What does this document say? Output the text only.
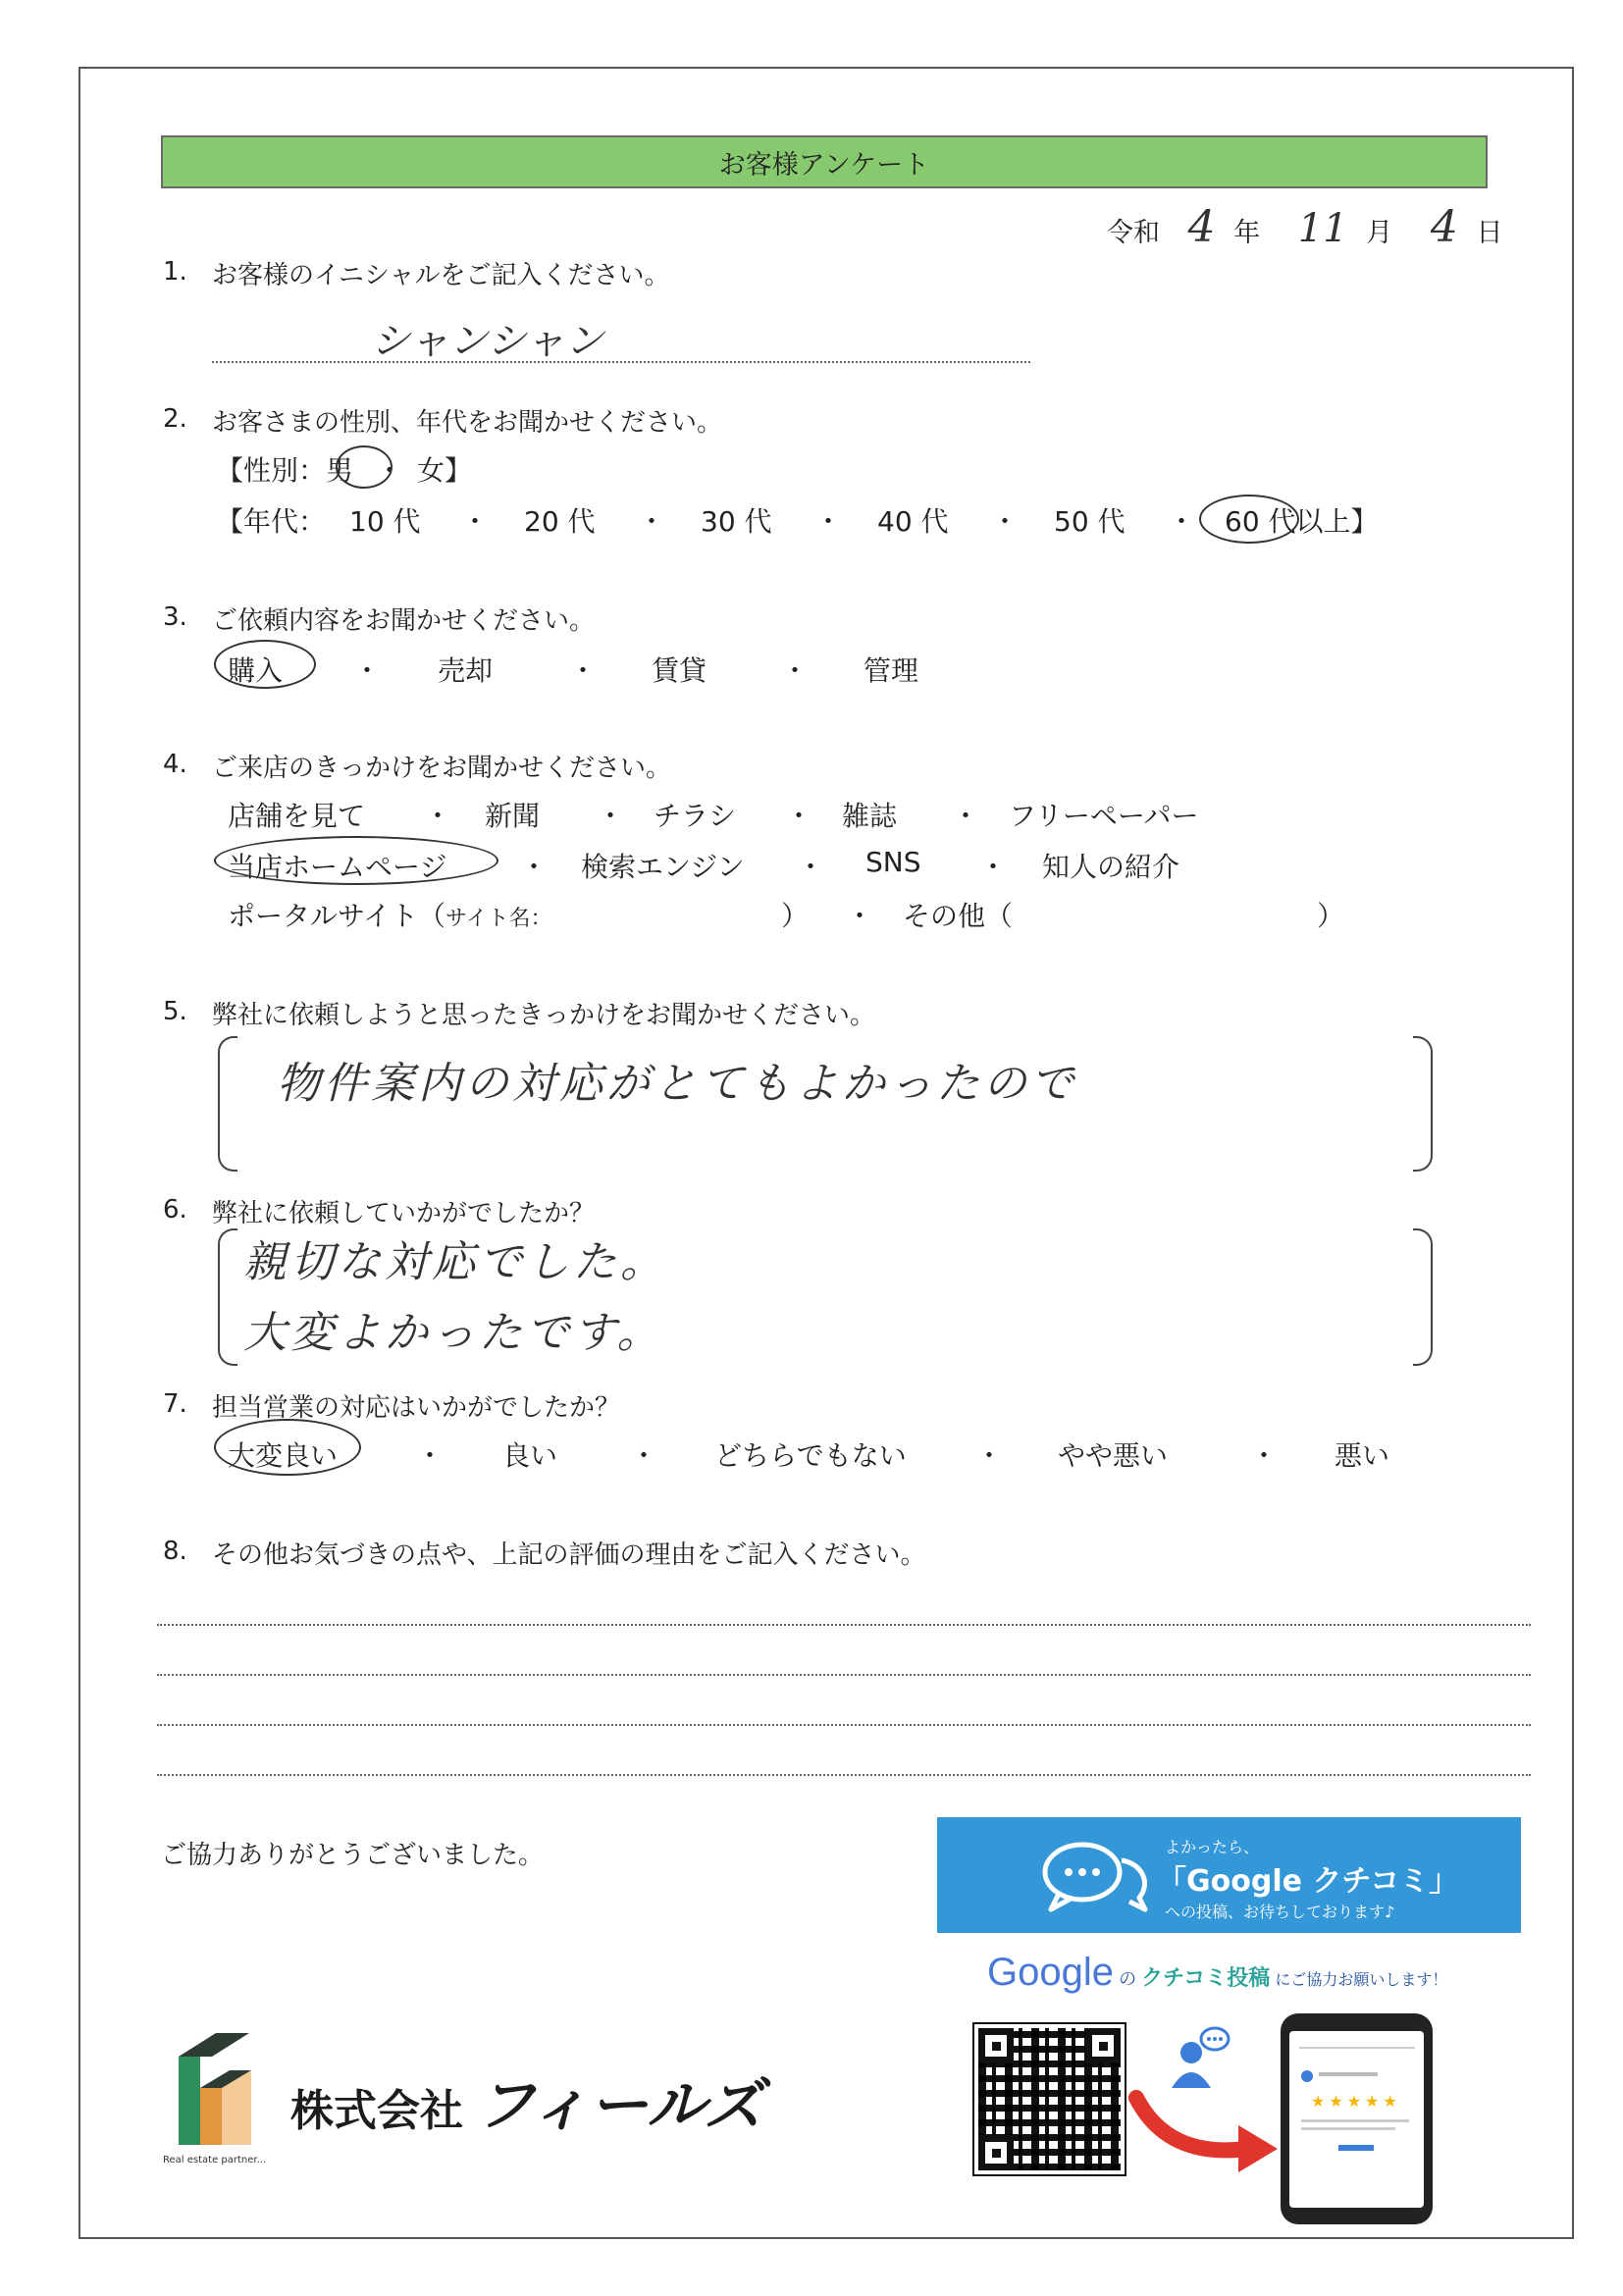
お客様アンケート
令和 4 年 11 月 4 日
1. お客様のイニシャルをご記入ください。
シャンシャン
2. お客さまの性別、年代をお聞かせください。
【性別：男 ・ 女】
【年代： 10 代 ・ 20 代 ・ 30 代 ・ 40 代 ・ 50 代 ・ 60 代以上】
3. ご依頼内容をお聞かせください。
購入	・ 売却	・ 賃貸	・ 管理
4. ご来店のきっかけをお聞かせください。
店舗を見て ・ 新聞 ・ チラシ ・ 雑誌 ・ フリーペーパー
当店ホームページ	・ 検索エンジン ・ SNS ・ 知人の紹介
ポータルサイト（サイト名：	） ・ その他（	）
5. 弊社に依頼しようと思ったきっかけをお聞かせください。
物件案内の対応がとてもよかったので
6. 弊社に依頼していかがでしたか？
親切な対応でした。
大変よかったです。
7. 担当営業の対応はいかがでしたか？
大変良い	・ 良い	・ どちらでもない	・ やや悪い	・ 悪い
8. その他お気づきの点や、上記の評価の理由をご記入ください。
ご協力ありがとうございました。	よかったら、
「Google クチコミ」
への投稿、お待ちしております♪
Google の クチコミ投稿 にご協力お願いします！
★★★★★
Real estate partner...
株式会社 フィールズ
